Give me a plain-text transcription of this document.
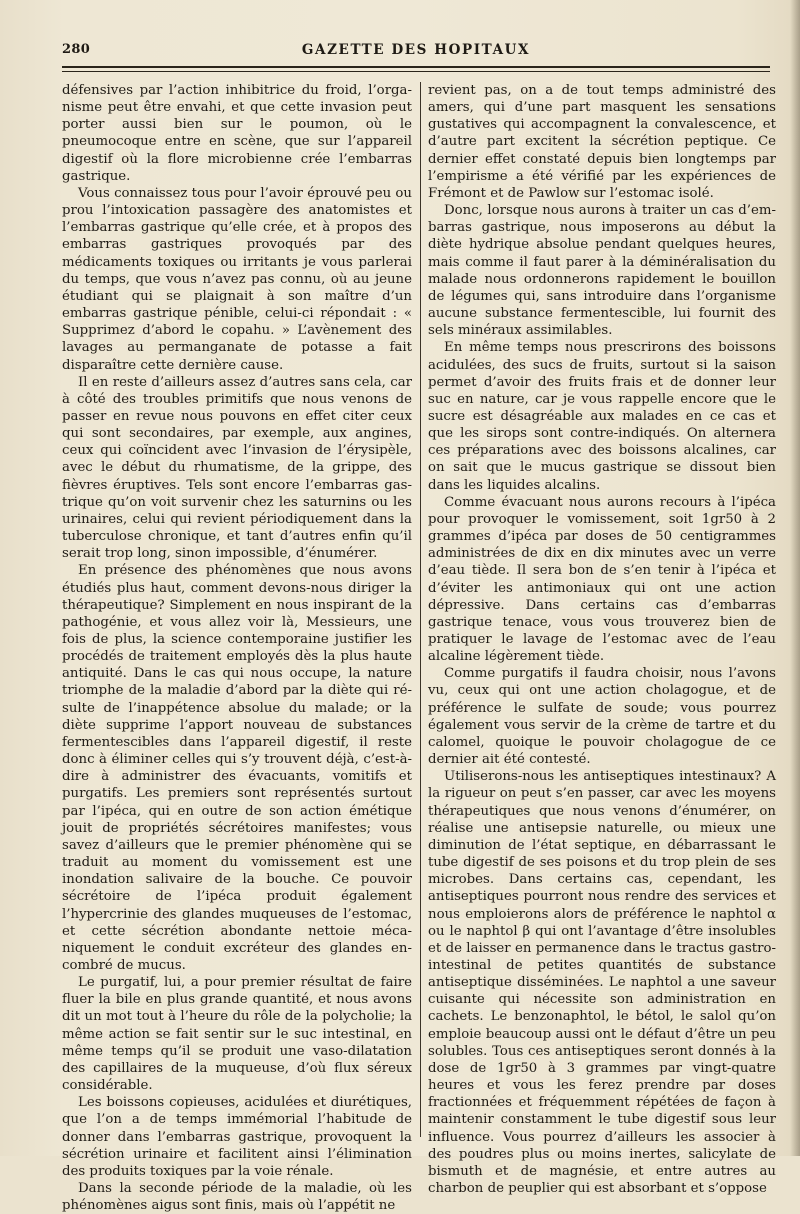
280	GAZETTE DES HOPITAUX

défensives par l’action inhibitrice du froid, l’organisme peut être envahi, et que cette invasion peut porter aussi bien sur le poumon, où le pneumocoque entre en scène, que sur l’appareil digestif où la flore microbienne crée l’embarras gastrique.

Vous connaissez tous pour l’avoir éprouvé peu ou prou l’intoxication passagère des anatomistes et l’embarras gastrique qu’elle crée, et à propos des embarras gastriques provoqués par des médicaments toxiques ou irritants je vous parlerai du temps, que vous n’avez pas connu, où au jeune étudiant qui se plaignait à son maître d’un embarras gastrique pénible, celui-ci répondait : « Supprimez d’abord le copahu. » L’avènement des lavages au permanganate de potasse a fait disparaître cette dernière cause.

Il en reste d’ailleurs assez d’autres sans cela, car à côté des troubles primitifs que nous venons de passer en revue nous pouvons en effet citer ceux qui sont secondaires, par exemple, aux angines, ceux qui coïncident avec l’invasion de l’érysipèle, avec le début du rhumatisme, de la grippe, des fièvres éruptives. Tels sont encore l’embarras gastrique qu’on voit survenir chez les saturnins ou les urinaires, celui qui revient périodiquement dans la tuberculose chronique, et tant d’autres enfin qu’il serait trop long, sinon impossible, d’énumérer.

En présence des phénomènes que nous avons étudiés plus haut, comment devons-nous diriger la thérapeutique? Simplement en nous inspirant de la pathogénie, et vous allez voir là, Messieurs, une fois de plus, la science contemporaine justifier les procédés de traitement employés dès la plus haute antiquité. Dans le cas qui nous occupe, la nature triomphe de la maladie d’abord par la diète qui résulte de l’inappétence absolue du malade; or la diète supprime l’apport nouveau de substances fermentescibles dans l’appareil digestif, il reste donc à éliminer celles qui s’y trouvent déjà, c’est-à-dire à administrer des évacuants, vomitifs et purgatifs. Les premiers sont représentés surtout par l’ipéca, qui en outre de son action émétique jouit de propriétés sécrétoires manifestes; vous savez d’ailleurs que le premier phénomène qui se traduit au moment du vomissement est une inondation salivaire de la bouche. Ce pouvoir sécrétoire de l’ipéca produit également l’hypercrinie des glandes muqueuses de l’estomac, et cette sécrétion abondante nettoie mécaniquement le conduit excréteur des glandes encombré de mucus.

Le purgatif, lui, a pour premier résultat de faire fluer la bile en plus grande quantité, et nous avons dit un mot tout à l’heure du rôle de la polycholie; la même action se fait sentir sur le suc intestinal, en même temps qu’il se produit une vaso-dilatation des capillaires de la muqueuse, d’où flux séreux considérable.

Les boissons copieuses, acidulées et diurétiques, que l’on a de temps immémorial l’habitude de donner dans l’embarras gastrique, provoquent la sécrétion urinaire et facilitent ainsi l’élimination des produits toxiques par la voie rénale.

Dans la seconde période de la maladie, où les phénomènes aigus sont finis, mais où l’appétit ne

revient pas, on a de tout temps administré des amers, qui d’une part masquent les sensations gustatives qui accompagnent la convalescence, et d’autre part excitent la sécrétion peptique. Ce dernier effet constaté depuis bien longtemps par l’empirisme a été vérifié par les expériences de Frémont et de Pawlow sur l’estomac isolé.

Donc, lorsque nous aurons à traiter un cas d’embarras gastrique, nous imposerons au début la diète hydrique absolue pendant quelques heures, mais comme il faut parer à la déminéralisation du malade nous ordonnerons rapidement le bouillon de légumes qui, sans introduire dans l’organisme aucune substance fermentescible, lui fournit des sels minéraux assimilables.

En même temps nous prescrirons des boissons acidulées, des sucs de fruits, surtout si la saison permet d’avoir des fruits frais et de donner leur suc en nature, car je vous rappelle encore que le sucre est désagréable aux malades en ce cas et que les sirops sont contre-indiqués. On alternera ces préparations avec des boissons alcalines, car on sait que le mucus gastrique se dissout bien dans les liquides alcalins.

Comme évacuant nous aurons recours à l’ipéca pour provoquer le vomissement, soit 1gr50 à 2 grammes d’ipéca par doses de 50 centigrammes administrées de dix en dix minutes avec un verre d’eau tiède. Il sera bon de s’en tenir à l’ipéca et d’éviter les antimoniaux qui ont une action dépressive. Dans certains cas d’embarras gastrique tenace, vous vous trouverez bien de pratiquer le lavage de l’estomac avec de l’eau alcaline légèrement tiède.

Comme purgatifs il faudra choisir, nous l’avons vu, ceux qui ont une action cholagogue, et de préférence le sulfate de soude; vous pourrez également vous servir de la crème de tartre et du calomel, quoique le pouvoir cholagogue de ce dernier ait été contesté.

Utiliserons-nous les antiseptiques intestinaux? A la rigueur on peut s’en passer, car avec les moyens thérapeutiques que nous venons d’énumérer, on réalise une antisepsie naturelle, ou mieux une diminution de l’état septique, en débarrassant le tube digestif de ses poisons et du trop plein de ses microbes. Dans certains cas, cependant, les antiseptiques pourront nous rendre des services et nous emploierons alors de préférence le naphtol α ou le naphtol β qui ont l’avantage d’être insolubles et de laisser en permanence dans le tractus gastro-intestinal de petites quantités de substance antiseptique disséminées. Le naphtol a une saveur cuisante qui nécessite son administration en cachets. Le benzonaphtol, le bétol, le salol qu’on emploie beaucoup aussi ont le défaut d’être un peu solubles. Tous ces antiseptiques seront donnés à la dose de 1gr50 à 3 grammes par vingt-quatre heures et vous les ferez prendre par doses fractionnées et fréquemment répétées de façon à maintenir constamment le tube digestif sous leur influence. Vous pourrez d’ailleurs les associer à des poudres plus ou moins inertes, salicylate de bismuth et de magnésie, et entre autres au charbon de peuplier qui est absorbant et s’oppose
